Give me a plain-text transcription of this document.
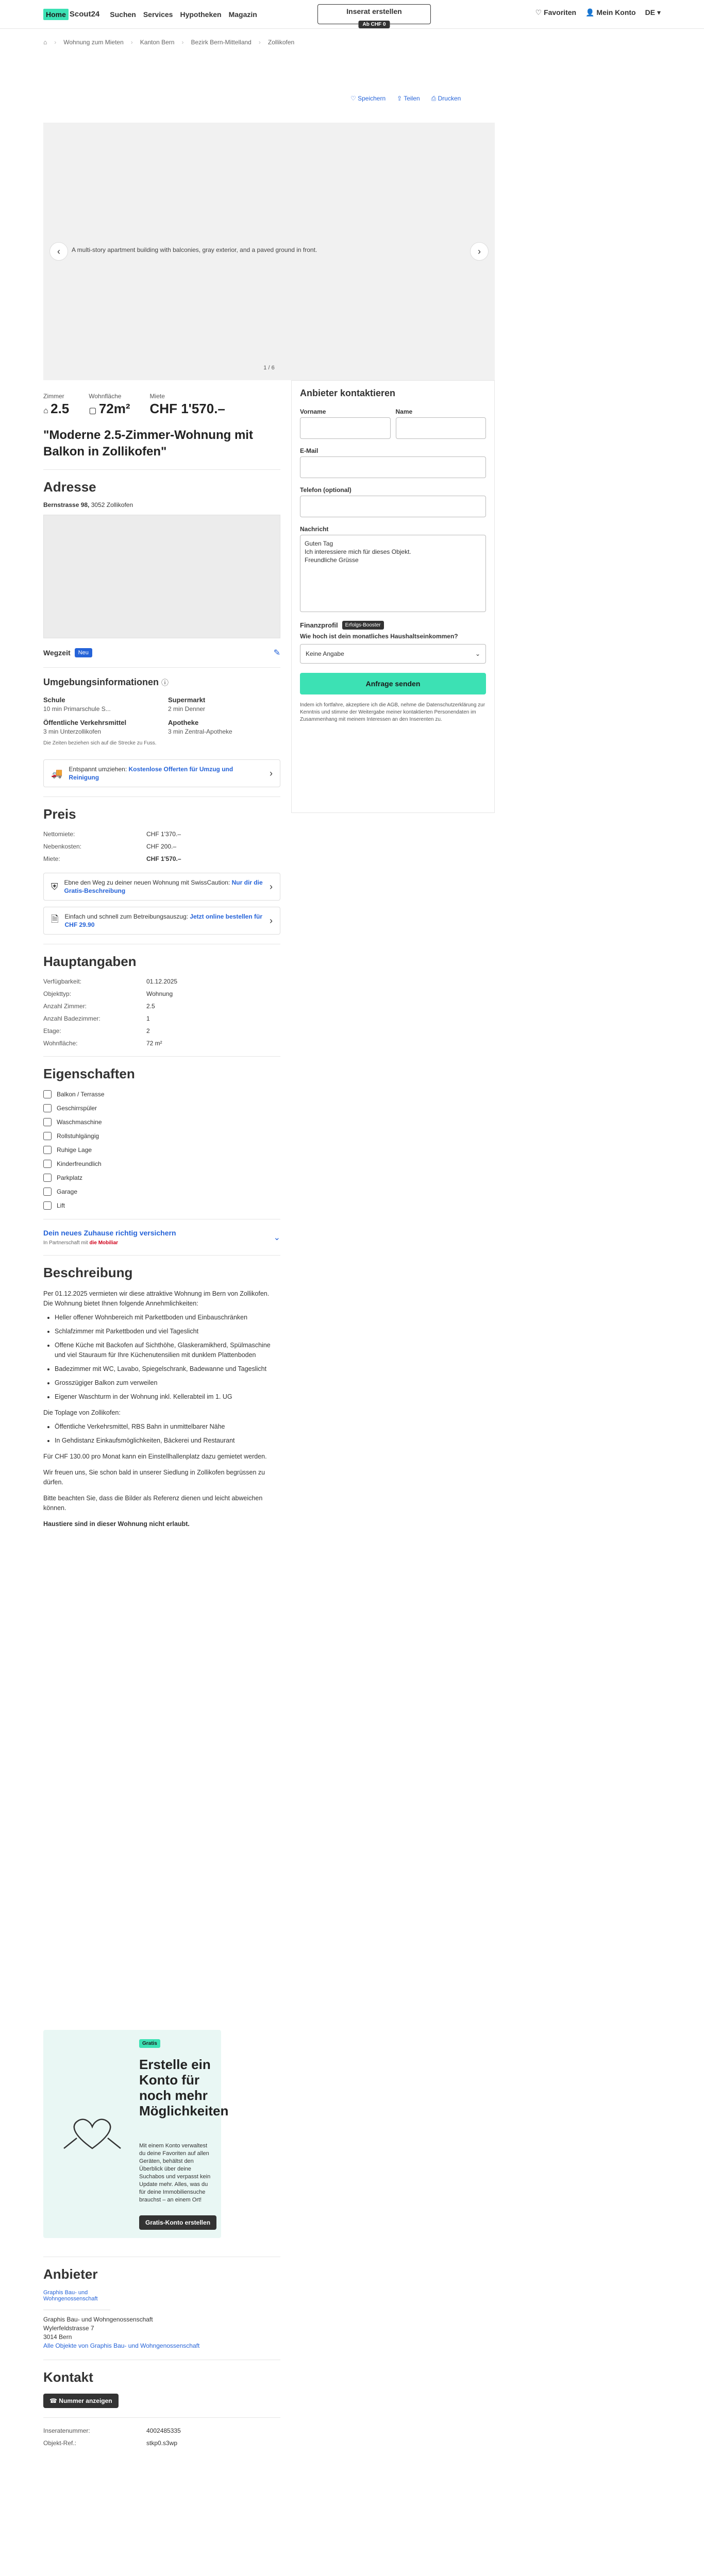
Home Scout24 Suchen Services Hypotheken Magazin	Inserat erstellen
Ab CHF 0
♡ Favoriten 👤 Mein Konto DE ▾
⌂ › Wohnung zum Mieten › Kanton Bern › Bezirk Bern-Mittelland › Zollikofen
♡ Speichern ⇪ Teilen ⎙ Drucken
‹ A multi-story apartment building with balconies, gray exterior, and a paved ground in front.	›
1 / 6
Zimmer
⌂ 2.5
Wohnfläche
▢ 72m²
Miete
CHF 1'570.–
"Moderne 2.5-Zimmer-Wohnung mit Balkon in Zollikofen"
Adresse
Bernstrasse 98, 3052 Zollikofen
Wegzeit	Neu	✎
Umgebungsinformationen ⓘ
Schule
10 min Primarschule S...
Supermarkt
2 min Denner
Öffentliche Verkehrsmittel
3 min Unterzollikofen
Apotheke
3 min Zentral-Apotheke
Die Zeiten beziehen sich auf die Strecke zu Fuss.
🚚 Entspannt umziehen: Kostenlose Offerten für Umzug und Reinigung	›
Preis
Nettomiete:	CHF 1'370.–
Nebenkosten:	CHF 200.–
Miete:	CHF 1'570.–
⛨ Ebne den Weg zu deiner neuen Wohnung mit SwissCaution: Nur dir die Gratis-Beschreibung	›
🗎 Einfach und schnell zum Betreibungsauszug: Jetzt online bestellen für CHF 29.90	›
Hauptangaben
Verfügbarkeit:	01.12.2025
Objekttyp:	Wohnung
Anzahl Zimmer:	2.5
Anzahl Badezimmer:	1
Etage:	2
Wohnfläche:	72 m²
Eigenschaften
Balkon / Terrasse
Geschirrspüler
Waschmaschine
Rollstuhlgängig
Ruhige Lage
Kinderfreundlich
Parkplatz
Garage
Lift
Dein neues Zuhause richtig versichern
In Partnerschaft mit die Mobiliar
⌄
Beschreibung

Per 01.12.2025 vermieten wir diese attraktive Wohnung im Bern von Zollikofen. Die Wohnung bietet Ihnen folgende Annehmlichkeiten:

• Heller offener Wohnbereich mit Parkettboden und Einbauschränken
• Schlafzimmer mit Parkettboden und viel Tageslicht
• Offene Küche mit Backofen auf Sichthöhe, Glaskeramikherd, Spülmaschine und viel Stauraum für Ihre Küchenutensilien mit dunklem Plattenboden
• Badezimmer mit WC, Lavabo, Spiegelschrank, Badewanne und Tageslicht
• Grosszügiger Balkon zum verweilen
• Eigener Waschturm in der Wohnung inkl. Kellerabteil im 1. UG

Die Toplage von Zollikofen:

• Öffentliche Verkehrsmittel, RBS Bahn in unmittelbarer Nähe
• In Gehdistanz Einkaufsmöglichkeiten, Bäckerei und Restaurant

Für CHF 130.00 pro Monat kann ein Einstellhallenplatz dazu gemietet werden.

Wir freuen uns, Sie schon bald in unserer Siedlung in Zollikofen begrüssen zu dürfen.

Bitte beachten Sie, dass die Bilder als Referenz dienen und leicht abweichen können.

Haustiere sind in dieser Wohnung nicht erlaubt.

Gratis
Erstelle ein Konto für noch mehr Möglichkeiten
Mit einem Konto verwaltest du deine Favoriten auf allen Geräten, behältst den Überblick über deine Suchabos und verpasst kein Update mehr. Alles, was du für deine Immobiliensuche brauchst – an einem Ort!
Gratis-Konto erstellen
Anbieter
Graphis Bau- und Wohngenossenschaft
Graphis Bau- und Wohngenossenschaft
Wylerfeldstrasse 7
3014 Bern
Alle Objekte von Graphis Bau- und Wohngenossenschaft
Kontakt
☎ Nummer anzeigen
Inseratenummer:	4002485335
Objekt-Ref.:	stkp0.s3wp
Anbieter kontaktieren
Vorname	Name
E-Mail
Telefon (optional)
Nachricht
Guten Tag Ich interessiere mich für dieses Objekt. Freundliche Grüsse
Finanzprofil	Erfolgs-Booster
Wie hoch ist dein monatliches Haushaltseinkommen?
Keine Angabe	⌄
Anfrage senden
Indem ich fortfahre, akzeptiere ich die AGB, nehme die Datenschutzerklärung zur Kenntnis und stimme der Weitergabe meiner kontaktierten Personendaten im Zusammenhang mit meinem Interessen an den Inserenten zu.
